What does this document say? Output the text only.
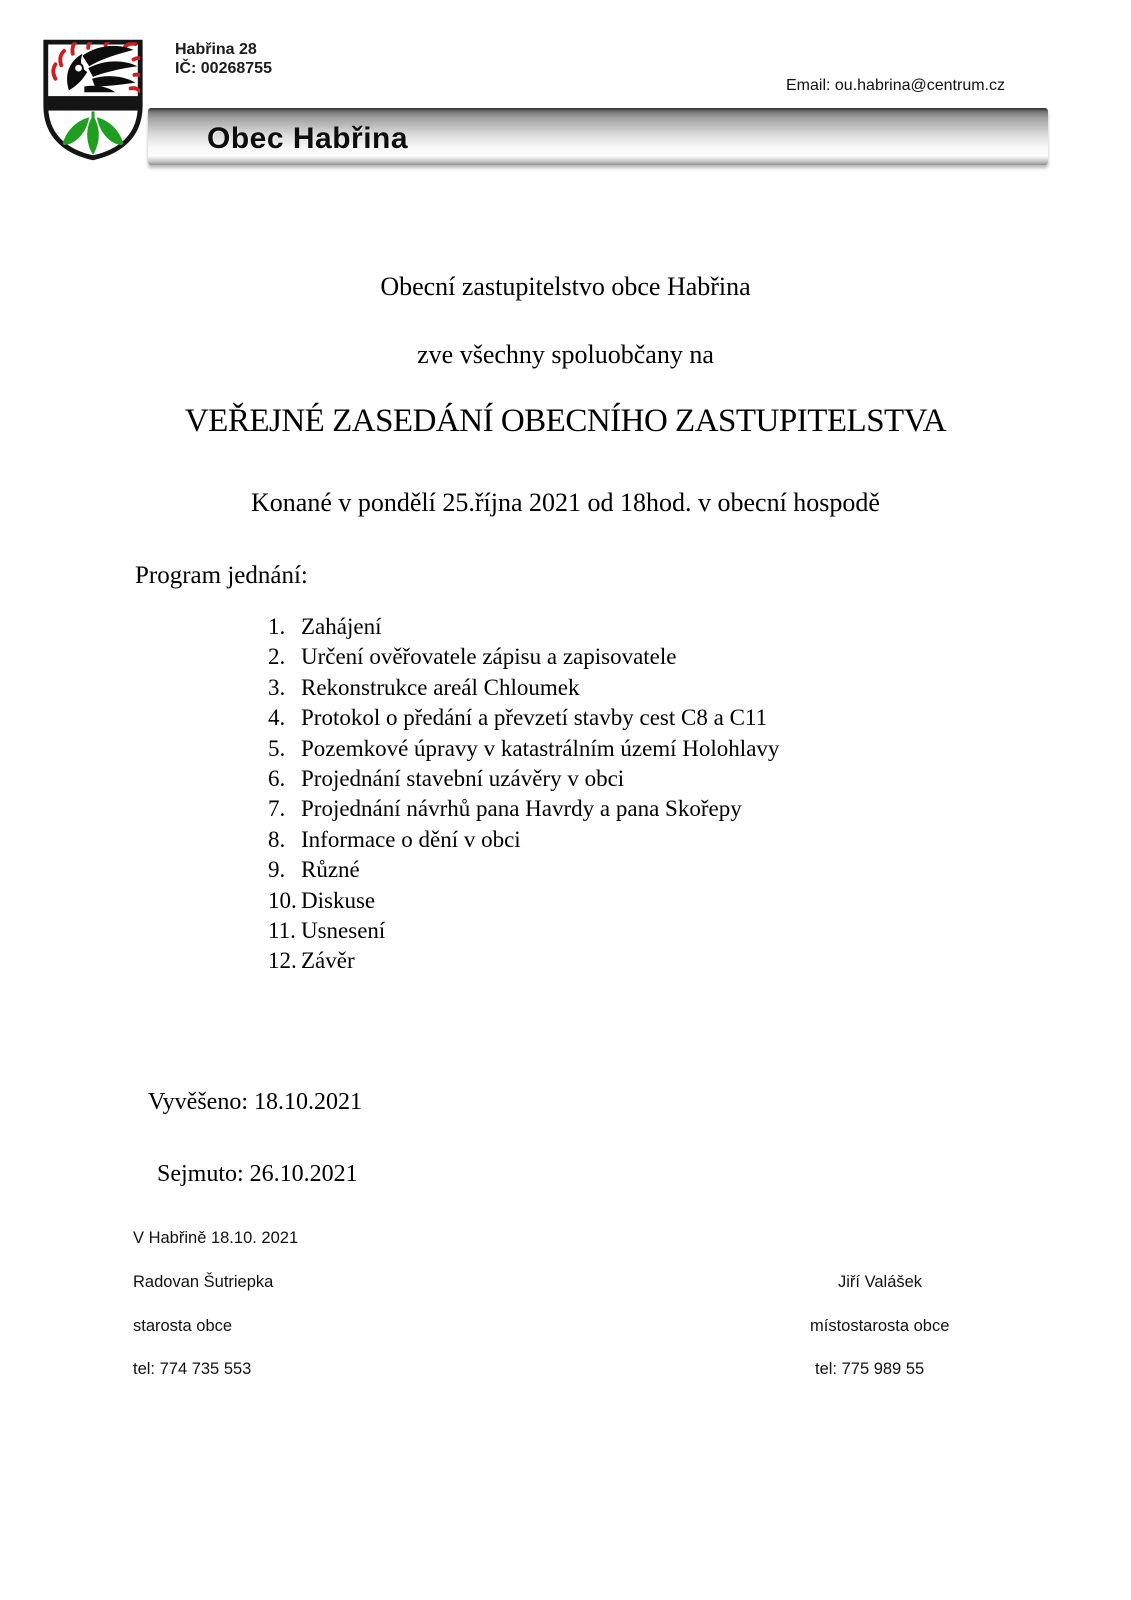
Habřina 28
IČ: 00268755
Email: ou.habrina@centrum.cz
Obec Habřina
Obecní zastupitelstvo obce Habřina
zve všechny spoluobčany na
VEŘEJNÉ ZASEDÁNÍ OBECNÍHO ZASTUPITELSTVA
Konané v pondělí 25.října 2021 od 18hod. v obecní hospodě
Program jednání:
1. Zahájení
2. Určení ověřovatele zápisu a zapisovatele
3. Rekonstrukce areál Chloumek
4. Protokol o předání a převzetí stavby cest C8 a C11
5. Pozemkové úpravy v katastrálním území Holohlavy
6. Projednání stavební uzávěry v obci
7. Projednání návrhů pana Havrdy a pana Skořepy
8. Informace o dění v obci
9. Různé
10. Diskuse
11. Usnesení
12. Závěr
Vyvěšeno: 18.10.2021
Sejmuto: 26.10.2021
V Habřině 18.10. 2021
Radovan Šutriepka
starosta obce
tel: 774 735 553
Jiří Valášek
místostarosta obce
tel: 775 989 55
